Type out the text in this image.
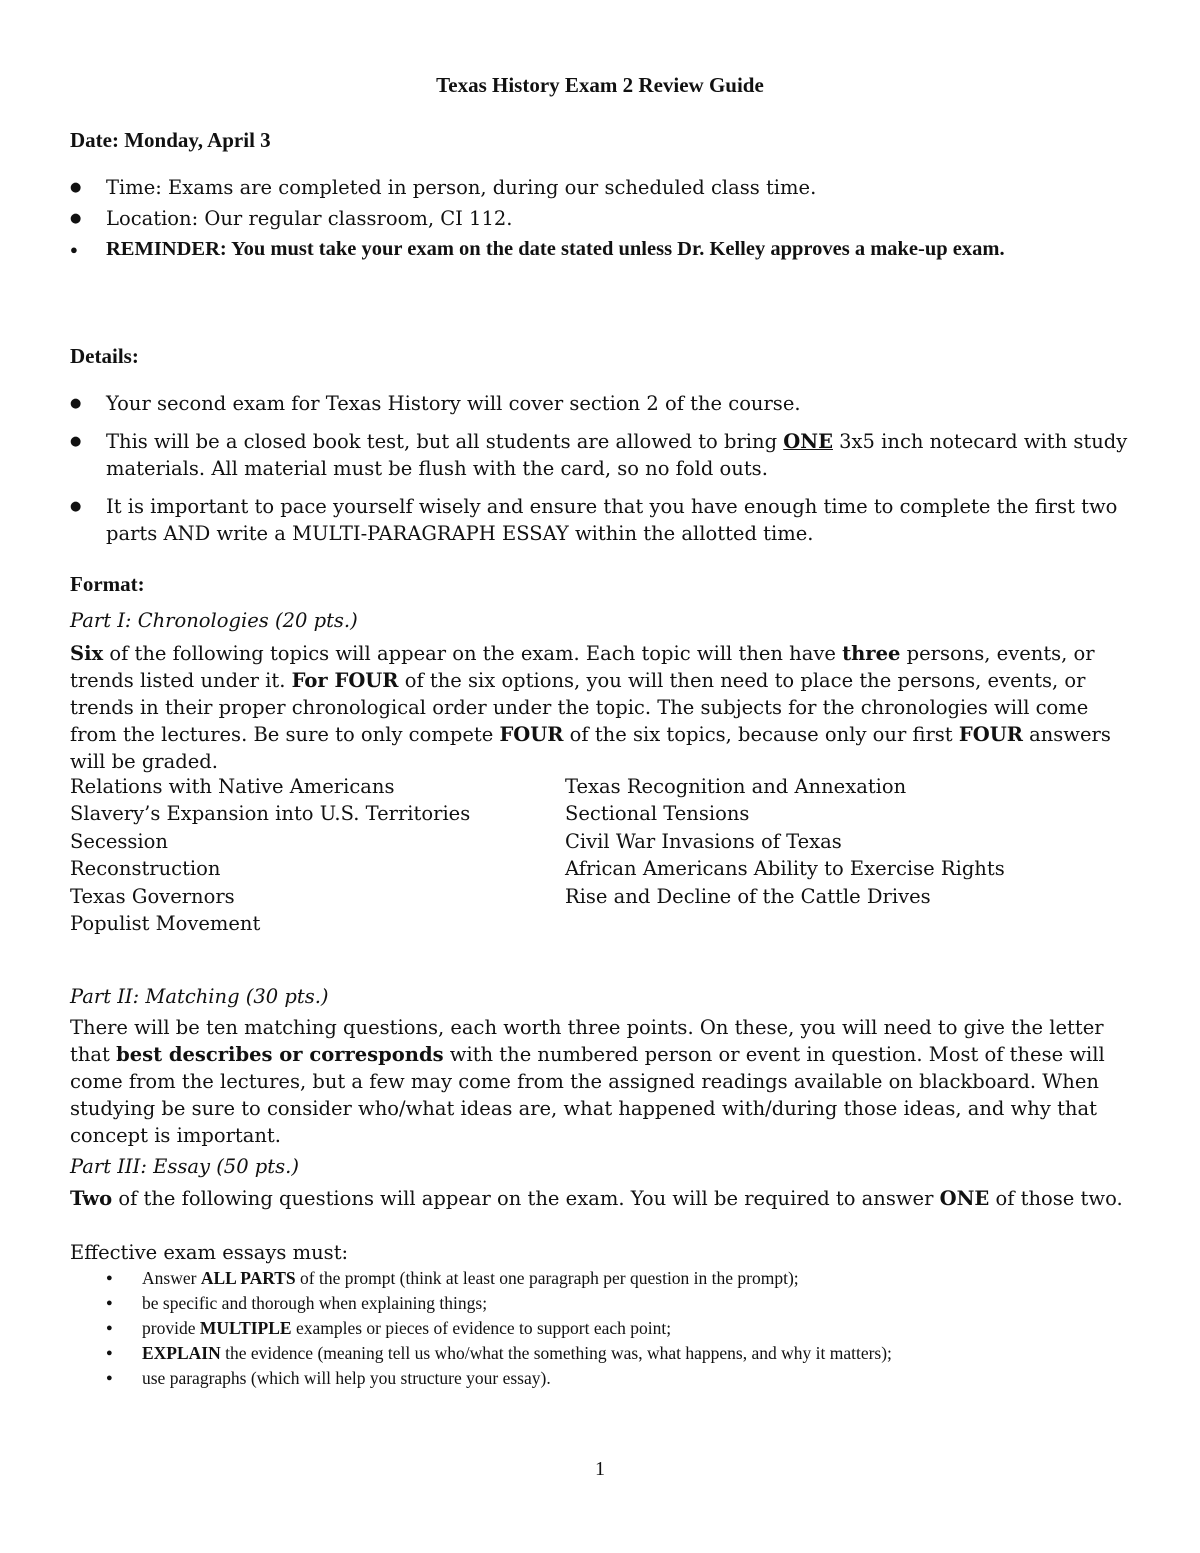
Texas History Exam 2 Review Guide
Date: Monday, April 3
● Time: Exams are completed in person, during our scheduled class time.
● Location: Our regular classroom, CI 112.
● REMINDER: You must take your exam on the date stated unless Dr. Kelley approves a make-up exam.
Details:
● Your second exam for Texas History will cover section 2 of the course.
● This will be a closed book test, but all students are allowed to bring ONE 3x5 inch notecard with study materials. All material must be flush with the card, so no fold outs.
● It is important to pace yourself wisely and ensure that you have enough time to complete the first two parts AND write a MULTI-PARAGRAPH ESSAY within the allotted time.
Format:
Part I: Chronologies (20 pts.)
Six of the following topics will appear on the exam. Each topic will then have three persons, events, or trends listed under it. For FOUR of the six options, you will then need to place the persons, events, or trends in their proper chronological order under the topic. The subjects for the chronologies will come from the lectures. Be sure to only compete FOUR of the six topics, because only our first FOUR answers will be graded.
Relations with Native Americans
Slavery’s Expansion into U.S. Territories
Secession
Reconstruction
Texas Governors
Populist Movement
Texas Recognition and Annexation
Sectional Tensions
Civil War Invasions of Texas
African Americans Ability to Exercise Rights
Rise and Decline of the Cattle Drives
Part II: Matching (30 pts.)
There will be ten matching questions, each worth three points. On these, you will need to give the letter that best describes or corresponds with the numbered person or event in question. Most of these will come from the lectures, but a few may come from the assigned readings available on blackboard. When studying be sure to consider who/what ideas are, what happened with/during those ideas, and why that concept is important.
Part III: Essay (50 pts.)
Two of the following questions will appear on the exam. You will be required to answer ONE of those two.
Effective exam essays must:
● Answer ALL PARTS of the prompt (think at least one paragraph per question in the prompt);
● be specific and thorough when explaining things;
● provide MULTIPLE examples or pieces of evidence to support each point;
● EXPLAIN the evidence (meaning tell us who/what the something was, what happens, and why it matters);
● use paragraphs (which will help you structure your essay).
1
